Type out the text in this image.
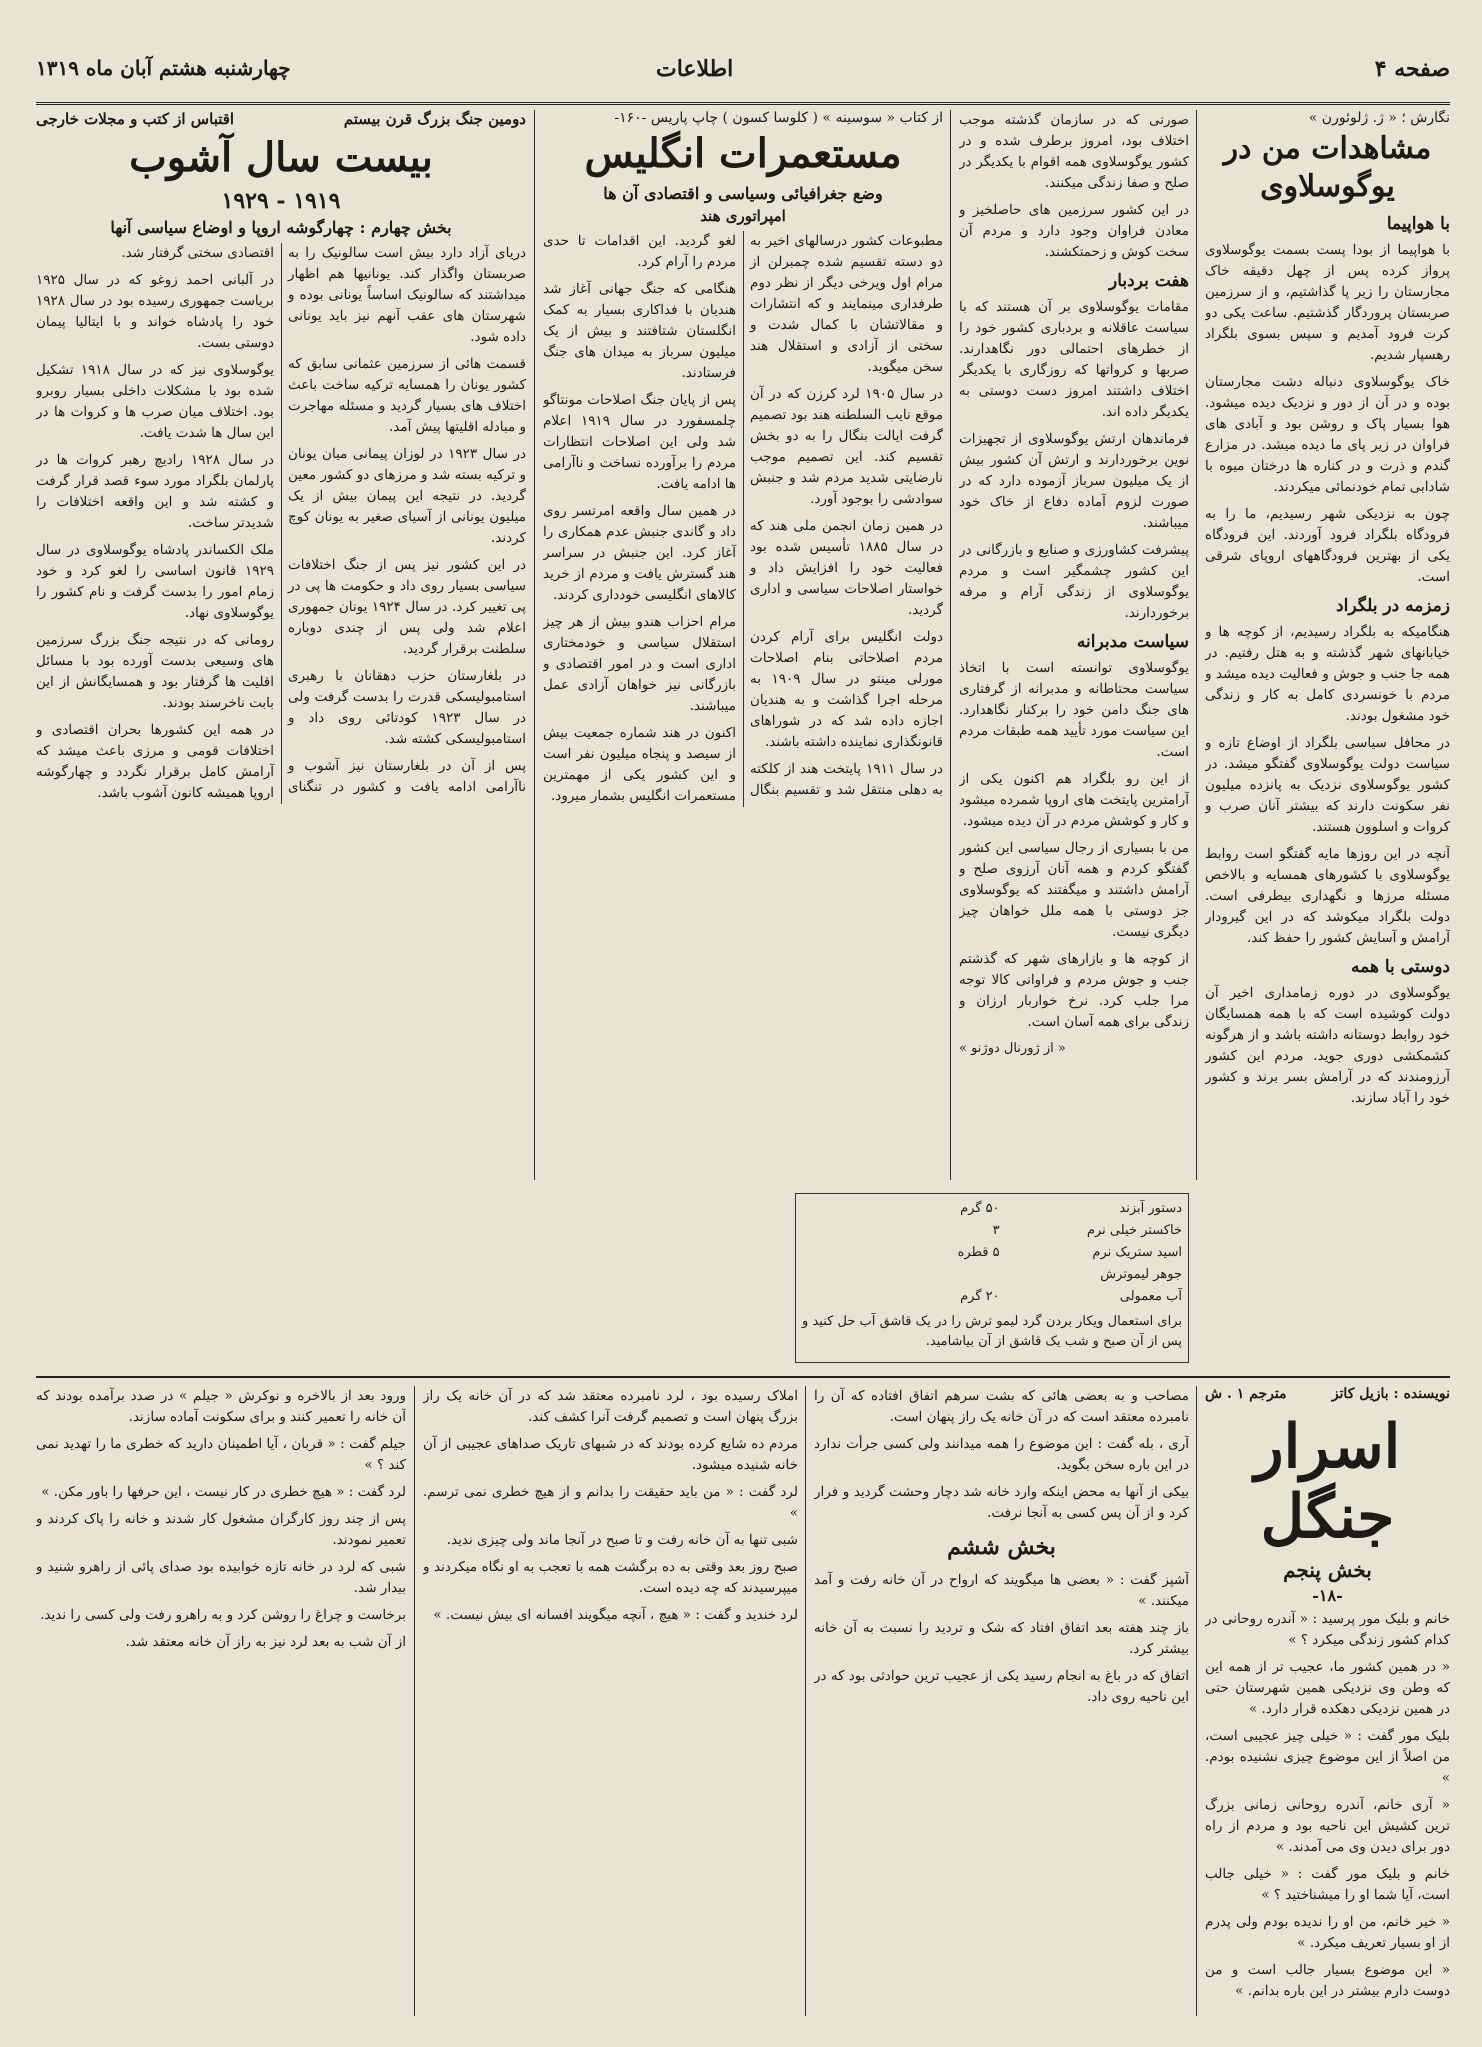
صفحه ۴
اطلاعات
چهارشنبه هشتم آبان ماه ۱۳۱۹
نگارش ؛ « ژ. ژلوئورن »
مشاهدات من در یوگوسلاوی
با هواپیما

با هواپیما از بودا پست بسمت یوگوسلاوی پرواز کرده پس از چهل دقیقه خاک مجارستان را زیر پا گذاشتیم، و از سرزمین صربستان پروردگار گذشتیم. ساعت یکی دو کرت فرود آمدیم و سپس بسوی بلگراد رهسپار شدیم.

خاک یوگوسلاوی دنباله دشت مجارستان بوده و در آن از دور و نزدیک دیده میشود. هوا بسیار پاک و روشن بود و آبادی های فراوان در زیر پای ما دیده میشد. در مزارع گندم و ذرت و در کناره ها درختان میوه با شادابی تمام خودنمائی میکردند.

چون به نزدیکی شهر رسیدیم، ما را به فرودگاه بلگراد فرود آوردند. این فرودگاه یکی از بهترین فرودگاههای اروپای شرقی است.

زمزمه در بلگراد

هنگامیکه به بلگراد رسیدیم، از کوچه ها و خیابانهای شهر گذشته و به هتل رفتیم. در همه جا جنب و جوش و فعالیت دیده میشد و مردم با خونسردی کامل به کار و زندگی خود مشغول بودند.

در محافل سیاسی بلگراد از اوضاع تازه و سیاست دولت یوگوسلاوی گفتگو میشد. در کشور یوگوسلاوی نزدیک به پانزده میلیون نفر سکونت دارند که بیشتر آنان صرب و کروات و اسلوون هستند.

آنچه در این روزها مایه گفتگو است روابط یوگوسلاوی با کشورهای همسایه و بالاخص مسئله مرزها و نگهداری بیطرفی است. دولت بلگراد میکوشد که در این گیرودار آرامش و آسایش کشور را حفظ کند.

دوستی با همه

یوگوسلاوی در دوره زمامداری اخیر آن دولت کوشیده است که با همه همسایگان خود روابط دوستانه داشته باشد و از هرگونه کشمکشی دوری جوید. مردم این کشور آرزومندند که در آرامش بسر برند و کشور خود را آباد سازند.

صورتی که در سازمان گذشته موجب اختلاف بود، امروز برطرف شده و در کشور یوگوسلاوی همه اقوام با یکدیگر در صلح و صفا زندگی میکنند.

در این کشور سرزمین های حاصلخیز و معادن فراوان وجود دارد و مردم آن سخت کوش و زحمتکشند.

هفت بردبار

مقامات یوگوسلاوی بر آن هستند که با سیاست عاقلانه و بردباری کشور خود را از خطرهای احتمالی دور نگاهدارند. صربها و کرواتها که روزگاری با یکدیگر اختلاف داشتند امروز دست دوستی به یکدیگر داده اند.

فرماندهان ارتش یوگوسلاوی از تجهیزات نوین برخوردارند و ارتش آن کشور بیش از یک میلیون سرباز آزموده دارد که در صورت لزوم آماده دفاع از خاک خود میباشند.

پیشرفت کشاورزی و صنایع و بازرگانی در این کشور چشمگیر است و مردم یوگوسلاوی از زندگی آرام و مرفه برخوردارند.

سیاست مدبرانه

یوگوسلاوی توانسته است با اتخاذ سیاست محتاطانه و مدبرانه از گرفتاری های جنگ دامن خود را برکنار نگاهدارد. این سیاست مورد تأیید همه طبقات مردم است.

از این رو بلگراد هم اکنون یکی از آرامترین پایتخت های اروپا شمرده میشود و کار و کوشش مردم در آن دیده میشود.

من با بسیاری از رجال سیاسی این کشور گفتگو کردم و همه آنان آرزوی صلح و آرامش داشتند و میگفتند که یوگوسلاوی جز دوستی با همه ملل خواهان چیز دیگری نیست.

از کوچه ها و بازارهای شهر که گذشتم جنب و جوش مردم و فراوانی کالا توجه مرا جلب کرد. نرخ خواربار ارزان و زندگی برای همه آسان است.

« از ژورنال دوژنو »
از کتاب « سوسینه » ( کلوسا کسون ) چاپ پاریس -۱۶۰-
مستعمرات انگلیس
وضع جغرافیائی وسیاسی و اقتصادی آن ها
امپراتوری هند

مطبوعات کشور درسالهای اخیر به دو دسته تقسیم شده چمبرلن از مرام اول ویرخی دیگر از نظر دوم طرفداری مینمایند و که انتشارات و مقالاتشان با کمال شدت و سختی از آزادی و استقلال هند سخن میگوید.

در سال ۱۹۰۵ لرد کرزن که در آن موقع نایب السلطنه هند بود تصمیم گرفت ایالت بنگال را به دو بخش تقسیم کند. این تصمیم موجب نارضایتی شدید مردم شد و جنبش سوادشی را بوجود آورد.

در همین زمان انجمن ملی هند که در سال ۱۸۸۵ تأسیس شده بود فعالیت خود را افزایش داد و خواستار اصلاحات سیاسی و اداری گردید.

دولت انگلیس برای آرام کردن مردم اصلاحاتی بنام اصلاحات مورلی مینتو در سال ۱۹۰۹ به مرحله اجرا گذاشت و به هندیان اجازه داده شد که در شوراهای قانونگذاری نماینده داشته باشند.

در سال ۱۹۱۱ پایتخت هند از کلکته به دهلی منتقل شد و تقسیم بنگال لغو گردید. این اقدامات تا حدی مردم را آرام کرد.

هنگامی که جنگ جهانی آغاز شد هندیان با فداکاری بسیار به کمک انگلستان شتافتند و بیش از یک میلیون سرباز به میدان های جنگ فرستادند.

پس از پایان جنگ اصلاحات مونتاگو چلمسفورد در سال ۱۹۱۹ اعلام شد ولی این اصلاحات انتظارات مردم را برآورده نساخت و ناآرامی ها ادامه یافت.

در همین سال واقعه امرتسر روی داد و گاندی جنبش عدم همکاری را آغاز کرد. این جنبش در سراسر هند گسترش یافت و مردم از خرید کالاهای انگلیسی خودداری کردند.

مرام احزاب هندو بیش از هر چیز استقلال سیاسی و خودمختاری اداری است و در امور اقتصادی و بازرگانی نیز خواهان آزادی عمل میباشند.

اکنون در هند شماره جمعیت بیش از سیصد و پنجاه میلیون نفر است و این کشور یکی از مهمترین مستعمرات انگلیس بشمار میرود.

دستور آبزند۵۰ گرم خاکستر خیلی نرم۳ اسید ستریک نرم۵ قطره جوهر لیموترش آب معمولی۲۰ گرم

برای استعمال ویکار بردن گرد لیمو ترش را در یک قاشق آب حل کنید و پس از آن صبح و شب یک قاشق از آن بیاشامید.

دومین جنگ بزرگ قرن بیستم
اقتباس از کتب و مجلات خارجی
بیست سال آشوب
۱۹۱۹ - ۱۹۲۹
بخش چهارم : چهارگوشه اروپا و اوضاع سیاسی آنها

دریای آزاد دارد بیش است سالونیک را به صربستان واگذار کند. یونانیها هم اظهار میداشتند که سالونیک اساساً یونانی بوده و شهرستان های عقب آنهم نیز باید یونانی داده شود.

قسمت هائی از سرزمین عثمانی سابق که کشور یونان را همسایه ترکیه ساخت باعث اختلاف های بسیار گردید و مسئله مهاجرت و مبادله اقلیتها پیش آمد.

در سال ۱۹۲۳ در لوزان پیمانی میان یونان و ترکیه بسته شد و مرزهای دو کشور معین گردید. در نتیجه این پیمان بیش از یک میلیون یونانی از آسیای صغیر به یونان کوچ کردند.

در این کشور نیز پس از جنگ اختلافات سیاسی بسیار روی داد و حکومت ها پی در پی تغییر کرد. در سال ۱۹۲۴ یونان جمهوری اعلام شد ولی پس از چندی دوباره سلطنت برقرار گردید.

در بلغارستان حزب دهقانان با رهبری استامبولیسکی قدرت را بدست گرفت ولی در سال ۱۹۲۳ کودتائی روی داد و استامبولیسکی کشته شد.

پس از آن در بلغارستان نیز آشوب و ناآرامی ادامه یافت و کشور در تنگنای اقتصادی سختی گرفتار شد.

در آلبانی احمد زوغو که در سال ۱۹۲۵ بریاست جمهوری رسیده بود در سال ۱۹۲۸ خود را پادشاه خواند و با ایتالیا پیمان دوستی بست.

یوگوسلاوی نیز که در سال ۱۹۱۸ تشکیل شده بود با مشکلات داخلی بسیار روبرو بود. اختلاف میان صرب ها و کروات ها در این سال ها شدت یافت.

در سال ۱۹۲۸ رادیچ رهبر کروات ها در پارلمان بلگراد مورد سوء قصد قرار گرفت و کشته شد و این واقعه اختلافات را شدیدتر ساخت.

ملک الکساندر پادشاه یوگوسلاوی در سال ۱۹۲۹ قانون اساسی را لغو کرد و خود زمام امور را بدست گرفت و نام کشور را یوگوسلاوی نهاد.

رومانی که در نتیجه جنگ بزرگ سرزمین های وسیعی بدست آورده بود با مسائل اقلیت ها گرفتار بود و همسایگانش از این بابت ناخرسند بودند.

در همه این کشورها بحران اقتصادی و اختلافات قومی و مرزی باعث میشد که آرامش کامل برقرار نگردد و چهارگوشه اروپا همیشه کانون آشوب باشد.

نویسنده : بازیل کاتز
مترجم ۱ . ش
اسرار جنگل
بخش پنجم
-۱۸-

خانم و بلیک مور پرسید : « آندره روحانی در کدام کشور زندگی میکرد ؟ »

« در همین کشور ما، عجیب تر از همه این که وطن وی نزدیکی همین شهرستان حتی در همین نزدیکی دهکده قرار دارد. »

بلیک مور گفت : « خیلی چیز عجیبی است، من اصلاً از این موضوع چیزی نشنیده بودم. »

« آری خانم، آندره روحانی زمانی بزرگ ترین کشیش این ناحیه بود و مردم از راه دور برای دیدن وی می آمدند. »

خانم و بلیک مور گفت : « خیلی جالب است، آیا شما او را میشناختید ؟ »

« خیر خانم، من او را ندیده بودم ولی پدرم از او بسیار تعریف میکرد. »

« این موضوع بسیار جالب است و من دوست دارم بیشتر در این باره بدانم. »

مصاحب و به بعضی هائی که بشت سرهم اتفاق افتاده که آن را نامبرده معتقد است که در آن خانه یک راز پنهان است.

آری ، بله گفت : این موضوع را همه میدانند ولی کسی جرأت ندارد در این باره سخن بگوید.

بیکی از آنها به محض اینکه وارد خانه شد دچار وحشت گردید و فرار کرد و از آن پس کسی به آنجا نرفت.

بخش ششم

آشپز گفت : « بعضی ها میگویند که ارواح در آن خانه رفت و آمد میکنند. »

باز چند هفته بعد اتفاق افتاد که شک و تردید را نسبت به آن خانه بیشتر کرد.

اتفاق که در باغ به انجام رسید یکی از عجیب ترین حوادثی بود که در این ناحیه روی داد.

املاک رسیده بود ، لرد نامبرده معتقد شد که در آن خانه یک راز بزرگ پنهان است و تصمیم گرفت آنرا کشف کند.

مردم ده شایع کرده بودند که در شبهای تاریک صداهای عجیبی از آن خانه شنیده میشود.

لرد گفت : « من باید حقیقت را بدانم و از هیچ خطری نمی ترسم. »

شبی تنها به آن خانه رفت و تا صبح در آنجا ماند ولی چیزی ندید.

صبح روز بعد وقتی به ده برگشت همه با تعجب به او نگاه میکردند و میپرسیدند که چه دیده است.

لرد خندید و گفت : « هیچ ، آنچه میگویند افسانه ای بیش نیست. »

ورود بعد از بالاخره و نوکرش « جیلم » در صدد برآمده بودند که آن خانه را تعمیر کنند و برای سکونت آماده سازند.

جیلم گفت : « قربان ، آیا اطمینان دارید که خطری ما را تهدید نمی کند ؟ »

لرد گفت : « هیچ خطری در کار نیست ، این حرفها را باور مکن. »

پس از چند روز کارگران مشغول کار شدند و خانه را پاک کردند و تعمیر نمودند.

شبی که لرد در خانه تازه خوابیده بود صدای پائی از راهرو شنید و بیدار شد.

برخاست و چراغ را روشن کرد و به راهرو رفت ولی کسی را ندید.

از آن شب به بعد لرد نیز به راز آن خانه معتقد شد.
